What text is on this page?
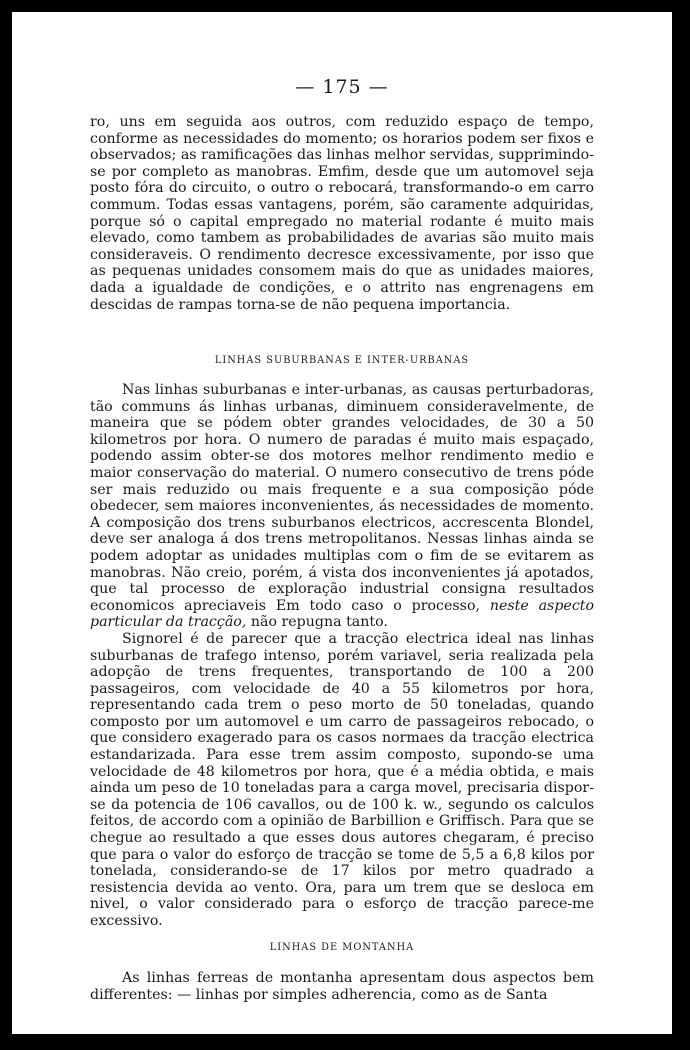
— 175 —

ro, uns em seguida aos outros, com reduzido espaço de tempo, conforme as necessidades do momento; os horarios podem ser fixos e observados; as ramificações das linhas melhor servidas, supprimindo-se por completo as manobras. Emfim, desde que um automovel seja posto fóra do circuito, o outro o rebocará, transformando-o em carro commum. Todas essas vantagens, porém, são caramente adquiridas, porque só o capital empregado no material rodante é muito mais elevado, como tambem as probabilidades de avarias são muito mais consideraveis. O rendimento decresce excessivamente, por isso que as pequenas unidades consomem mais do que as unidades maiores, dada a igualdade de condições, e o attrito nas engrenagens em descidas de rampas torna-se de não pequena importancia.

LINHAS SUBURBANAS E INTER-URBANAS

Nas linhas suburbanas e inter-urbanas, as causas perturbadoras, tão communs ás linhas urbanas, diminuem consideravelmente, de maneira que se pódem obter grandes velocidades, de 30 a 50 kilometros por hora. O numero de paradas é muito mais espaçado, podendo assim obter-se dos motores melhor rendimento medio e maior conservação do material. O numero consecutivo de trens póde ser mais reduzido ou mais frequente e a sua composição póde obedecer, sem maiores inconvenientes, ás necessidades de momento. A composição dos trens suburbanos electricos, accrescenta Blondel, deve ser analoga á dos trens metropolitanos. Nessas linhas ainda se podem adoptar as unidades multiplas com o fim de se evitarem as manobras. Não creio, porém, á vista dos inconvenientes já apotados, que tal processo de exploração industrial consigna resultados economicos apreciaveis Em todo caso o processo, neste aspecto particular da tracção, não repugna tanto.

Signorel é de parecer que a tracção electrica ideal nas linhas suburbanas de trafego intenso, porém variavel, seria realizada pela adopção de trens frequentes, transportando de 100 a 200 passageiros, com velocidade de 40 a 55 kilometros por hora, representando cada trem o peso morto de 50 toneladas, quando composto por um automovel e um carro de passageiros rebocado, o que considero exagerado para os casos normaes da tracção electrica estandarizada. Para esse trem assim composto, supondo-se uma velocidade de 48 kilometros por hora, que é a média obtida, e mais ainda um peso de 10 toneladas para a carga movel, precisaria dispor-se da potencia de 106 cavallos, ou de 100 k. w., segundo os calculos feitos, de accordo com a opinião de Barbillion e Griffisch. Para que se chegue ao resultado a que esses dous autores chegaram, é preciso que para o valor do esforço de tracção se tome de 5,5 a 6,8 kilos por tonelada, considerando-se de 17 kilos por metro quadrado a resistencia devida ao vento. Ora, para um trem que se desloca em nivel, o valor considerado para o esforço de tracção parece-me excessivo.

LINHAS DE MONTANHA

As linhas ferreas de montanha apresentam dous aspectos bem differentes: — linhas por simples adherencia, como as de Santa
